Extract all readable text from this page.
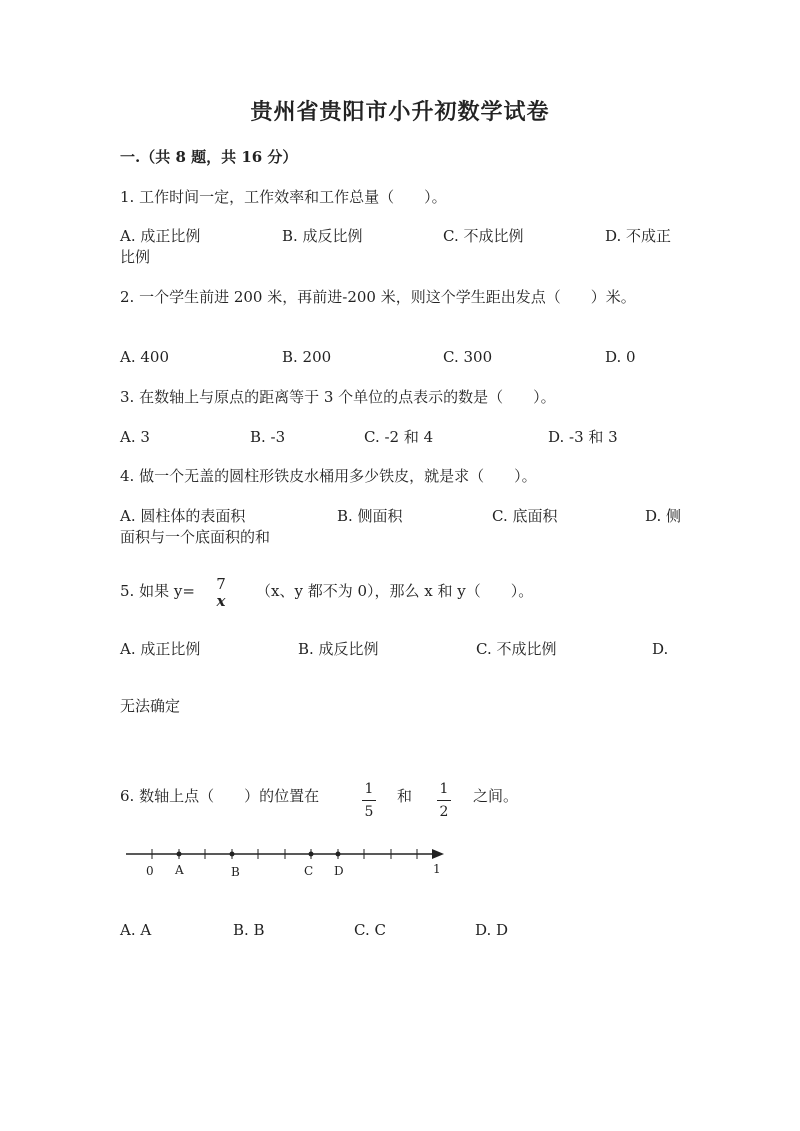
贵州省贵阳市小升初数学试卷
一.（共 8 题，共 16 分）
1. 工作时间一定，工作效率和工作总量（　　）。
A. 成正比例	B. 成反比例	C. 不成比例	D. 不成正
比例
2. 一个学生前进 200 米，再前进-200 米，则这个学生距出发点（　　）米。
A. 400	B. 200	C. 300	D. 0
3. 在数轴上与原点的距离等于 3 个单位的点表示的数是（　　）。
A. 3	B. -3	C. -2 和 4	D. -3 和 3
4. 做一个无盖的圆柱形铁皮水桶用多少铁皮，就是求（　　）。
A. 圆柱体的表面积	B. 侧面积	C. 底面积	D. 侧
面积与一个底面积的和
5. 如果 y= 7
x
（x、y 都不为 0），那么 x 和 y（　　）。
A. 成正比例	B. 成反比例	C. 不成比例	D.
无法确定
6. 数轴上点（　　）的位置在	1
5
和 1
2
之间。
0 A	B	C D	1
A. A	B. B	C. C	D. D
